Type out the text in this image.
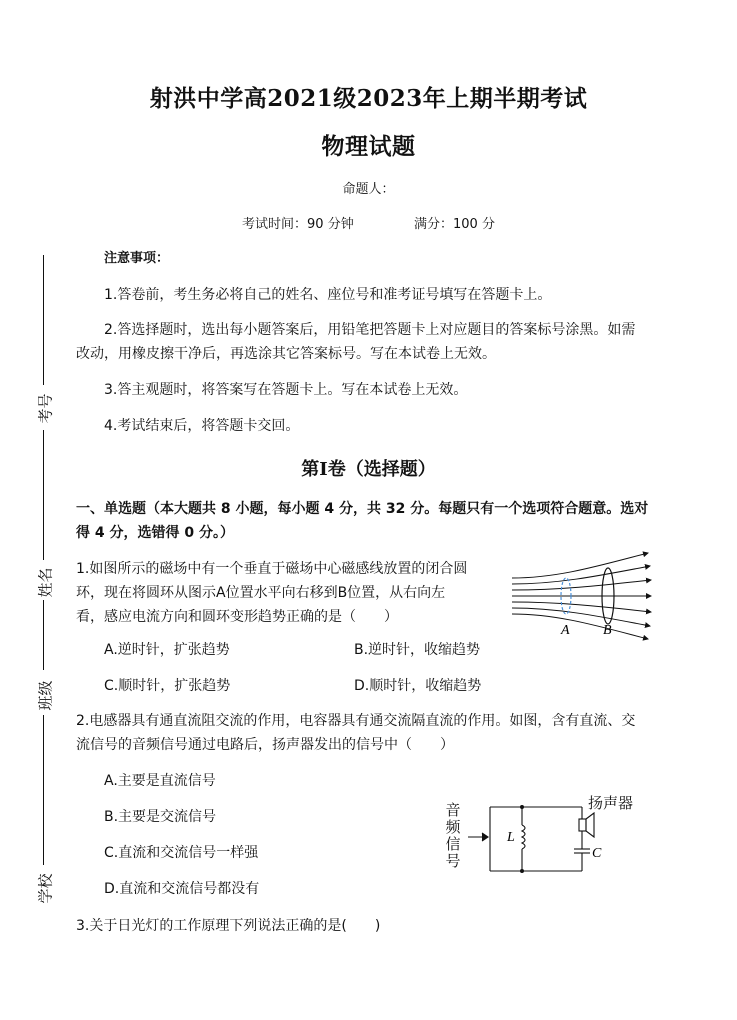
考号
姓名
班级
学校
射洪中学高2021级2023年上期半期考试
物理试题
命题人：
考试时间：90 分钟	满分：100 分
注意事项：
1.答卷前，考生务必将自己的姓名、座位号和准考证号填写在答题卡上。
2.答选择题时，选出每小题答案后，用铅笔把答题卡上对应题目的答案标号涂黑。如需
改动，用橡皮擦干净后，再选涂其它答案标号。写在本试卷上无效。
3.答主观题时，将答案写在答题卡上。写在本试卷上无效。
4.考试结束后，将答题卡交回。
第Ⅰ卷（选择题）
一、单选题（本大题共 8 小题，每小题 4 分，共 32 分。每题只有一个选项符合题意。选对
得 4 分，选错得 0 分。）
1.如图所示的磁场中有一个垂直于磁场中心磁感线放置的闭合圆
环，现在将圆环从图示A位置水平向右移到B位置，从右向左
看，感应电流方向和圆环变形趋势正确的是（　　）
A B
A.逆时针，扩张趋势	B.逆时针，收缩趋势
C.顺时针，扩张趋势	D.顺时针，收缩趋势
2.电感器具有通直流阻交流的作用，电容器具有通交流隔直流的作用。如图，含有直流、交
流信号的音频信号通过电路后，扬声器发出的信号中（　　）
A.主要是直流信号
B.主要是交流信号
C.直流和交流信号一样强
D.直流和交流信号都没有
音
频
信
号
扬声器
L
C
3.关于日光灯的工作原理下列说法正确的是(　　)
